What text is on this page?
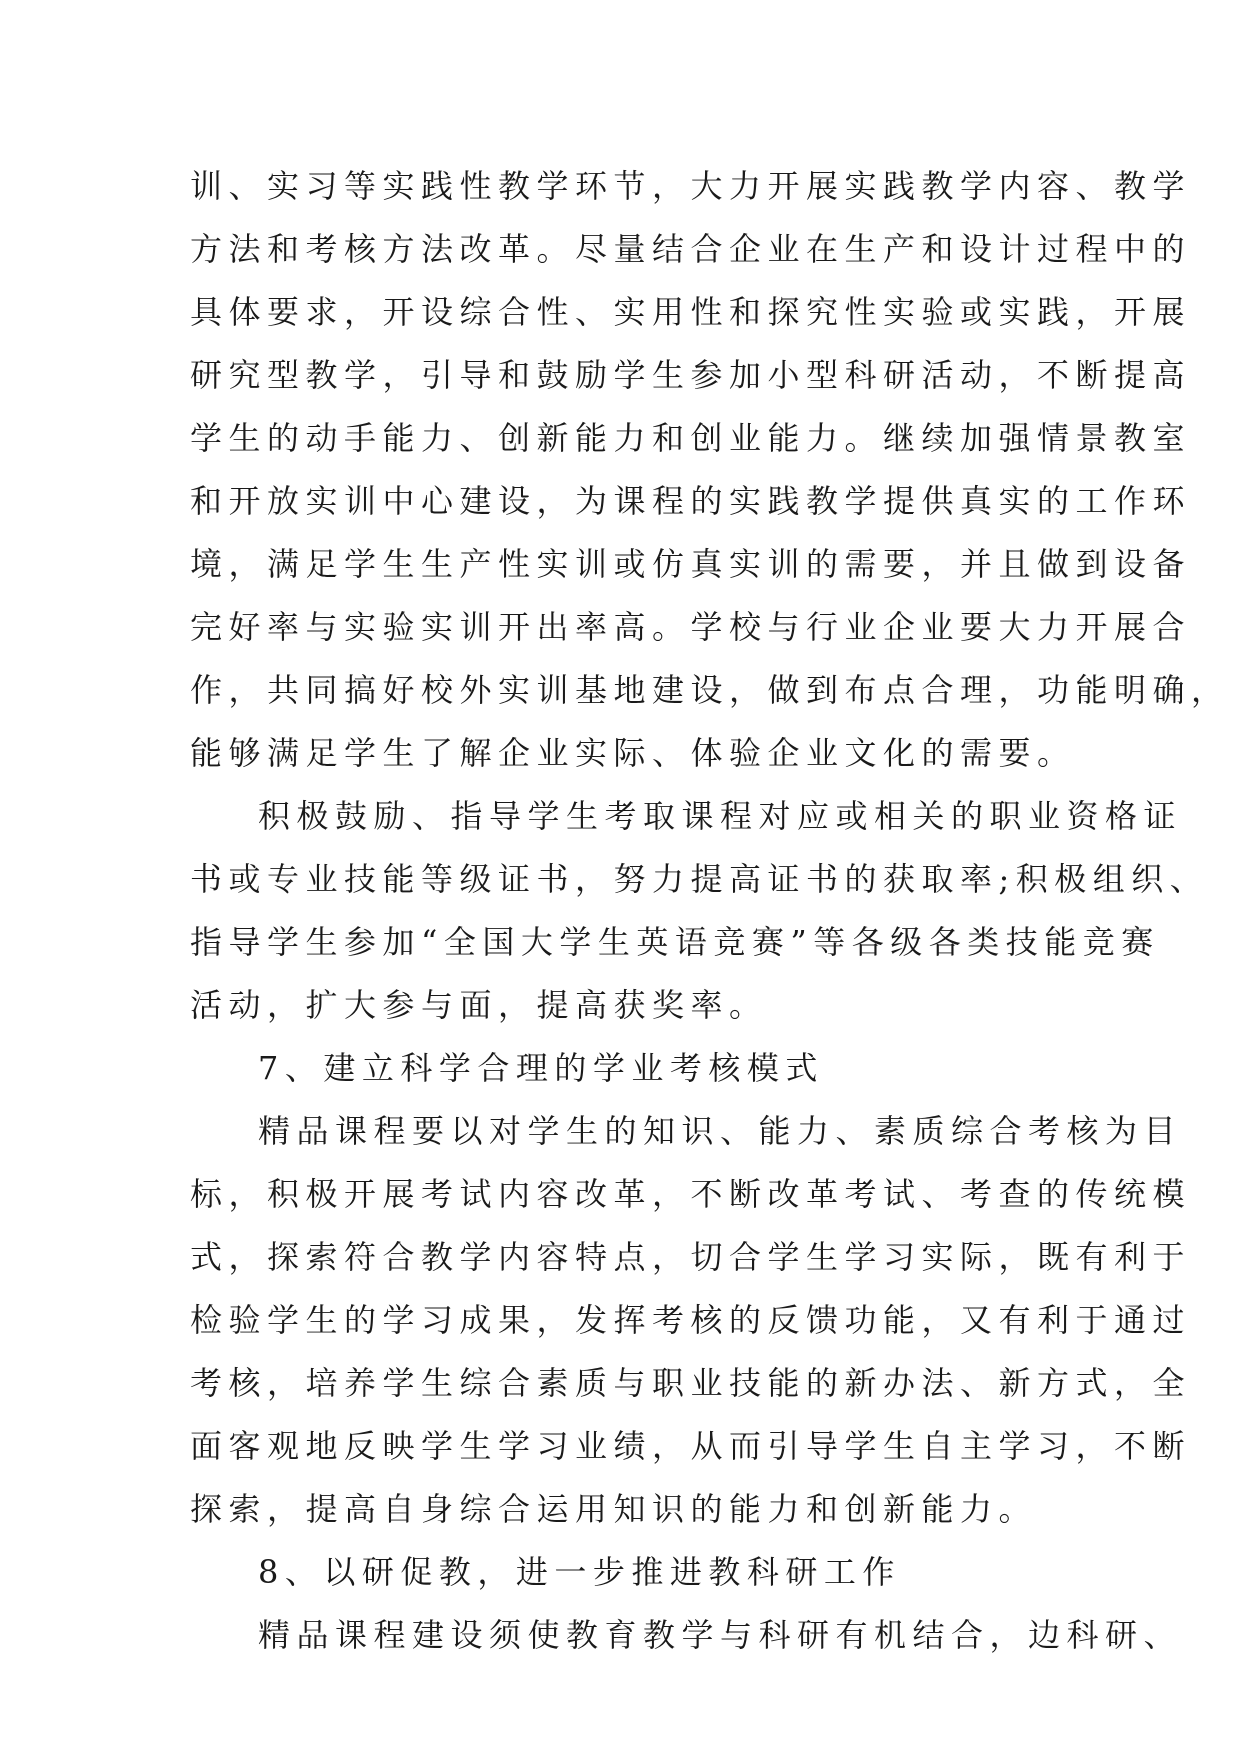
训、实习等实践性教学环节，大力开展实践教学内容、教学
方法和考核方法改革。尽量结合企业在生产和设计过程中的
具体要求，开设综合性、实用性和探究性实验或实践，开展
研究型教学，引导和鼓励学生参加小型科研活动，不断提高
学生的动手能力、创新能力和创业能力。继续加强情景教室
和开放实训中心建设，为课程的实践教学提供真实的工作环
境，满足学生生产性实训或仿真实训的需要，并且做到设备
完好率与实验实训开出率高。学校与行业企业要大力开展合
作，共同搞好校外实训基地建设，做到布点合理，功能明确，
能够满足学生了解企业实际、体验企业文化的需要。
积极鼓励、指导学生考取课程对应或相关的职业资格证
书或专业技能等级证书，努力提高证书的获取率;积极组织、
指导学生参加“全国大学生英语竞赛”等各级各类技能竞赛
活动，扩大参与面，提高获奖率。
7、建立科学合理的学业考核模式
精品课程要以对学生的知识、能力、素质综合考核为目
标，积极开展考试内容改革，不断改革考试、考查的传统模
式，探索符合教学内容特点，切合学生学习实际，既有利于
检验学生的学习成果，发挥考核的反馈功能，又有利于通过
考核，培养学生综合素质与职业技能的新办法、新方式，全
面客观地反映学生学习业绩，从而引导学生自主学习，不断
探索，提高自身综合运用知识的能力和创新能力。
8、以研促教，进一步推进教科研工作
精品课程建设须使教育教学与科研有机结合，边科研、
